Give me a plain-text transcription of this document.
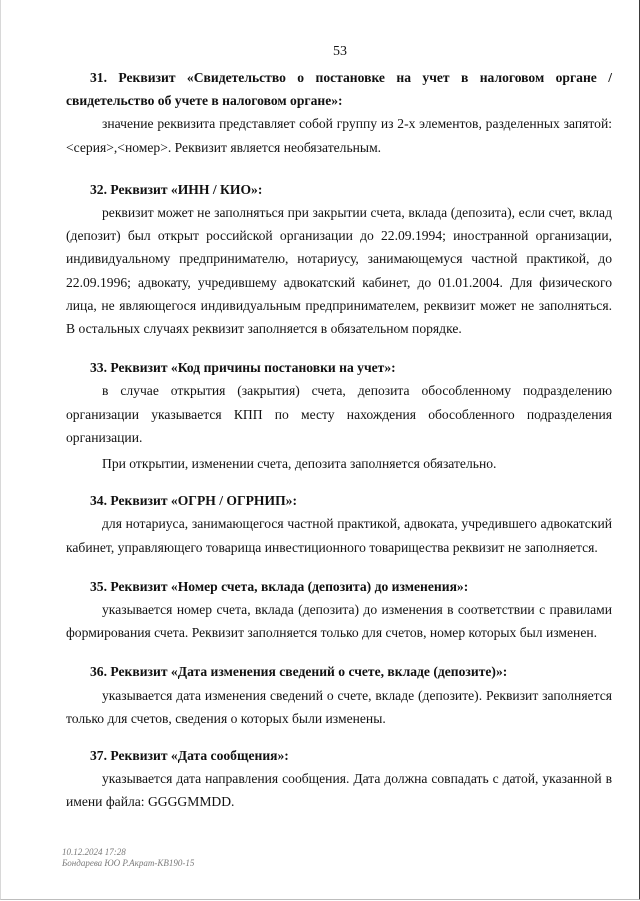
53

31. Реквизит «Свидетельство о постановке на учет в налоговом органе / свидетельство об учете в налоговом органе»:

значение реквизита представляет собой группу из 2-х элементов, разделенных запятой: <серия>,<номер>. Реквизит является необязательным.

32. Реквизит «ИНН / КИО»:

реквизит может не заполняться при закрытии счета, вклада (депозита), если счет, вклад (депозит) был открыт российской организации до 22.09.1994; иностранной организации, индивидуальному предпринимателю, нотариусу, занимающемуся частной практикой, до 22.09.1996; адвокату, учредившему адвокатский кабинет, до 01.01.2004. Для физического лица, не являющегося индивидуальным предпринимателем, реквизит может не заполняться. В остальных случаях реквизит заполняется в обязательном порядке.

33. Реквизит «Код причины постановки на учет»:

в случае открытия (закрытия) счета, депозита обособленному подразделению организации указывается КПП по месту нахождения обособленного подразделения организации.

При открытии, изменении счета, депозита заполняется обязательно.

34. Реквизит «ОГРН / ОГРНИП»:

для нотариуса, занимающегося частной практикой, адвоката, учредившего адвокатский кабинет, управляющего товарища инвестиционного товарищества реквизит не заполняется.

35. Реквизит «Номер счета, вклада (депозита) до изменения»:

указывается номер счета, вклада (депозита) до изменения в соответствии с правилами формирования счета. Реквизит заполняется только для счетов, номер которых был изменен.

36. Реквизит «Дата изменения сведений о счете, вкладе (депозите)»:

указывается дата изменения сведений о счете, вкладе (депозите). Реквизит заполняется только для счетов, сведения о которых были изменены.

37. Реквизит «Дата сообщения»:

указывается дата направления сообщения. Дата должна совпадать с датой, указанной в имени файла: GGGGMMDD.

10.12.2024 17:28
Бондарева ЮО Р.Акрат-КВ190-15
